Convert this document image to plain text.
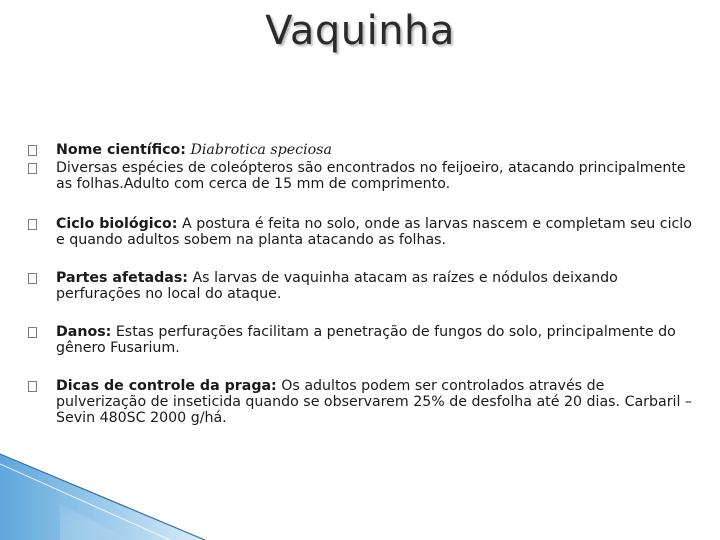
Vaquinha
Nome científico: Diabrotica speciosa
Diversas espécies de coleópteros são encontrados no feijoeiro, atacando principalmente as folhas.Adulto com cerca de 15 mm de comprimento.
Ciclo biológico: A postura é feita no solo, onde as larvas nascem e completam seu ciclo e quando adultos sobem na planta atacando as folhas.
Partes afetadas: As larvas de vaquinha atacam as raízes e nódulos deixando perfurações no local do ataque.
Danos: Estas perfurações facilitam a penetração de fungos do solo, principalmente do gênero Fusarium.
Dicas de controle da praga: Os adultos podem ser controlados através de pulverização de inseticida quando se observarem 25% de desfolha até 20 dias. Carbaril – Sevin 480SC 2000 g/há.
